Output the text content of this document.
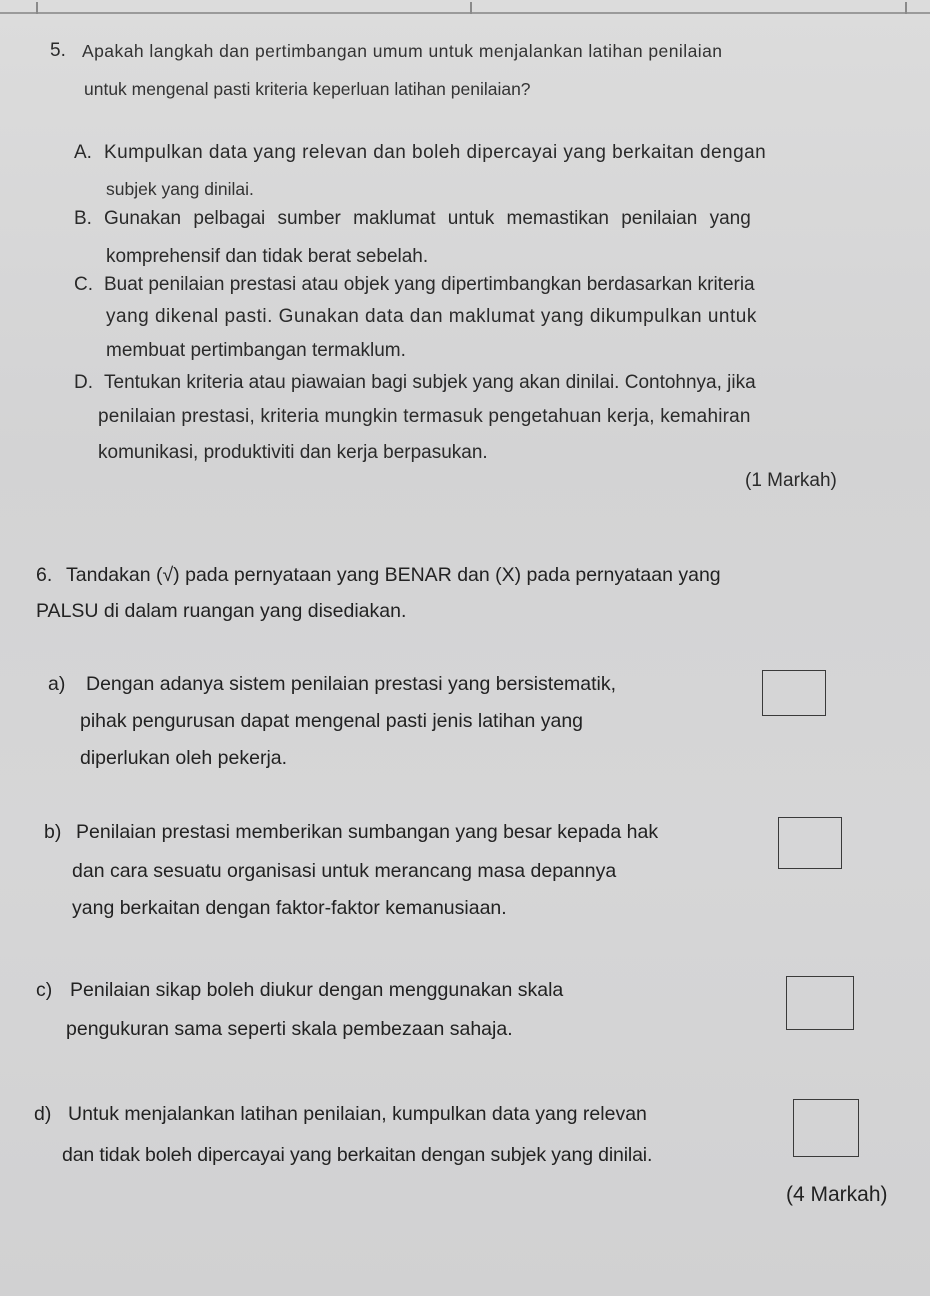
5. Apakah langkah dan pertimbangan umum untuk menjalankan latihan penilaian
untuk mengenal pasti kriteria keperluan latihan penilaian?
A. Kumpulkan data yang relevan dan boleh dipercayai yang berkaitan dengan
subjek yang dinilai.
B. Gunakan pelbagai sumber maklumat untuk memastikan penilaian yang
komprehensif dan tidak berat sebelah.
C. Buat penilaian prestasi atau objek yang dipertimbangkan berdasarkan kriteria
yang dikenal pasti. Gunakan data dan maklumat yang dikumpulkan untuk
membuat pertimbangan termaklum.
D. Tentukan kriteria atau piawaian bagi subjek yang akan dinilai. Contohnya, jika
penilaian prestasi, kriteria mungkin termasuk pengetahuan kerja, kemahiran
komunikasi, produktiviti dan kerja berpasukan.
(1 Markah)
6. Tandakan (√) pada pernyataan yang BENAR dan (X) pada pernyataan yang
PALSU di dalam ruangan yang disediakan.
a) Dengan adanya sistem penilaian prestasi yang bersistematik,
pihak pengurusan dapat mengenal pasti jenis latihan yang
diperlukan oleh pekerja.
b) Penilaian prestasi memberikan sumbangan yang besar kepada hak
dan cara sesuatu organisasi untuk merancang masa depannya
yang berkaitan dengan faktor-faktor kemanusiaan.
c) Penilaian sikap boleh diukur dengan menggunakan skala
pengukuran sama seperti skala pembezaan sahaja.
d) Untuk menjalankan latihan penilaian, kumpulkan data yang relevan
dan tidak boleh dipercayai yang berkaitan dengan subjek yang dinilai.
(4 Markah)
